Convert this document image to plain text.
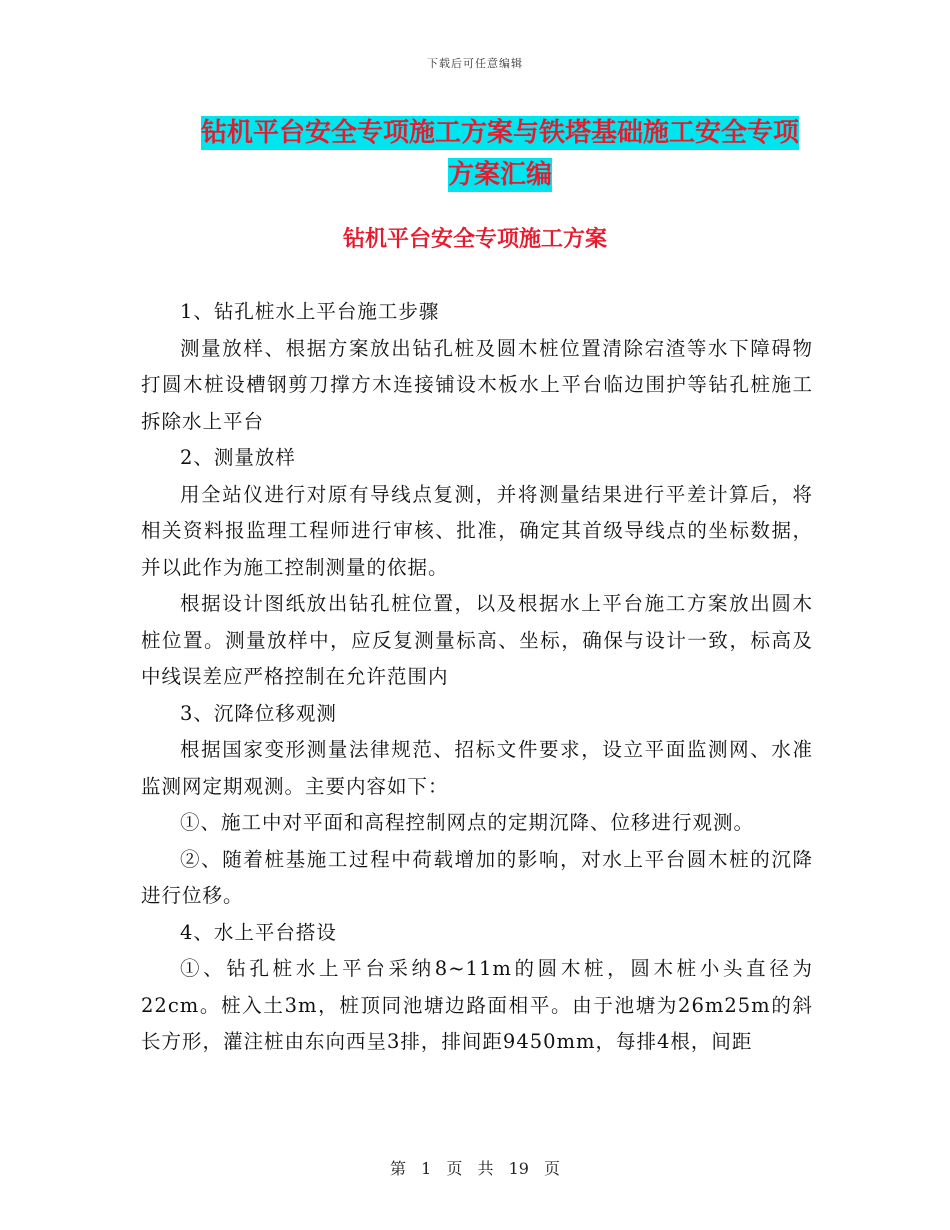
下载后可任意编辑
钻机平台安全专项施工方案与铁塔基础施工安全专项
方案汇编
钻机平台安全专项施工方案

1、钻孔桩水上平台施工步骤

测量放样、根据方案放出钻孔桩及圆木桩位置清除宕渣等水下障碍物打圆木桩设槽钢剪刀撑方木连接铺设木板水上平台临边围护等钻孔桩施工拆除水上平台

2、测量放样

用全站仪进行对原有导线点复测，并将测量结果进行平差计算后，将相关资料报监理工程师进行审核、批准，确定其首级导线点的坐标数据，并以此作为施工控制测量的依据。

根据设计图纸放出钻孔桩位置，以及根据水上平台施工方案放出圆木桩位置。测量放样中，应反复测量标高、坐标，确保与设计一致，标高及中线误差应严格控制在允许范围内

3、沉降位移观测

根据国家变形测量法律规范、招标文件要求，设立平面监测网、水准监测网定期观测。主要内容如下：

①、施工中对平面和高程控制网点的定期沉降、位移进行观测。

②、随着桩基施工过程中荷载增加的影响，对水上平台圆木桩的沉降进行位移。

4、水上平台搭设

①、钻孔桩水上平台采纳8~11m的圆木桩，圆木桩小头直径为22cm。桩入土3m，桩顶同池塘边路面相平。由于池塘为26m25m的斜长方形，灌注桩由东向西呈3排，排间距9450mm，每排4根，间距

第 1 页 共 19 页
